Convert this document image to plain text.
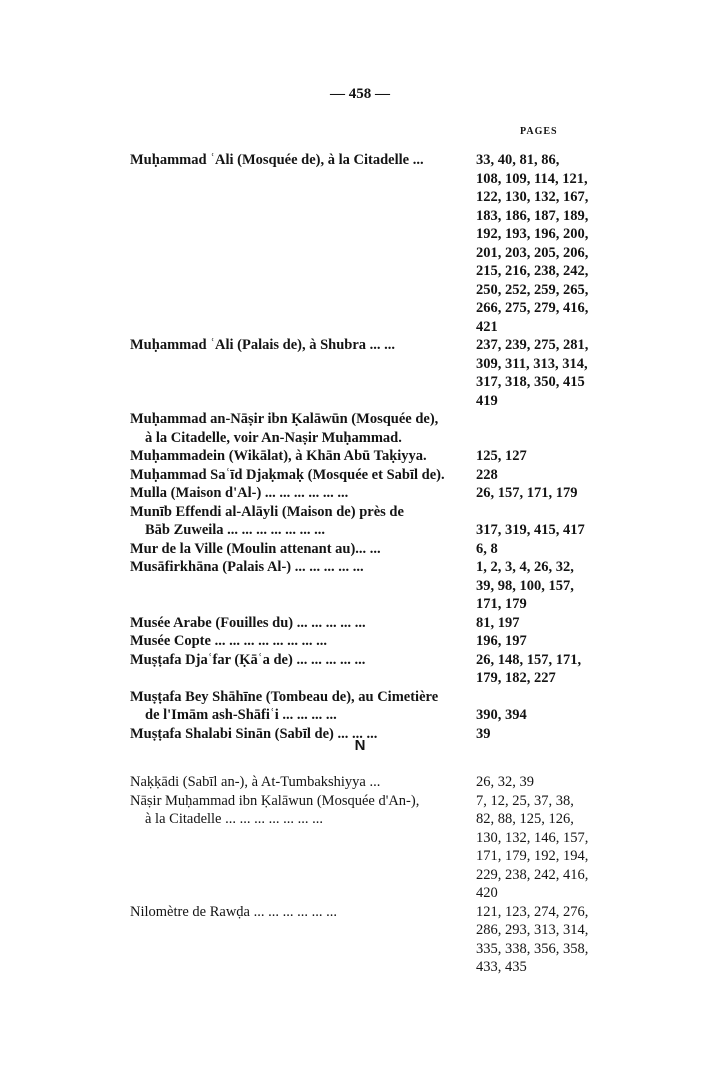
— 458 —
PAGES
Muḥammad ʿAli (Mosquée de), à la Citadelle ...	33, 40, 81, 86,
108, 109, 114, 121,
122, 130, 132, 167,
183, 186, 187, 189,
192, 193, 196, 200,
201, 203, 205, 206,
215, 216, 238, 242,
250, 252, 259, 265,
266, 275, 279, 416,
421
Muḥammad ʿAli (Palais de), à Shubra ... ...	237, 239, 275, 281,
309, 311, 313, 314,
317, 318, 350, 415
419
Muḥammad an-Nāṣir ibn Ḳalāwūn (Mosquée de),
à la Citadelle, voir An-Naṣir Muḥammad.
Muḥammadein (Wikālat), à Khān Abū Taḳiyya.	125, 127
Muḥammad Saʿīd Djaḳmaḳ (Mosquée et Sabīl de). 228
Mulla (Maison d'Al-) ... ... ... ... ... ...	26, 157, 171, 179
Munīb Effendi al-Alāyli (Maison de) près de
Bāb Zuweila ... ... ... ... ... ... ...	317, 319, 415, 417
Mur de la Ville (Moulin attenant au)... ...	6, 8
Musāfirkhāna (Palais Al-) ... ... ... ... ...	1, 2, 3, 4, 26, 32,
39, 98, 100, 157,
171, 179
Musée Arabe (Fouilles du) ... ... ... ... ...	81, 197
Musée Copte ... ... ... ... ... ... ... ...	196, 197
Muṣṭafa Djaʿfar (Ḳāʿa de) ... ... ... ... ...	26, 148, 157, 171,
179, 182, 227
Muṣṭafa Bey Shāhīne (Tombeau de), au Cimetière
de l'Imām ash-Shāfiʿi ... ... ... ...	390, 394
Muṣṭafa Shalabi Sinān (Sabīl de) ... ... ...	39
N
Naḳḳādi (Sabīl an-), à At-Tumbakshiyya ...	26, 32, 39
Nāṣir Muḥammad ibn Ḳalāwun (Mosquée d'An-),	7, 12, 25, 37, 38,
à la Citadelle ... ... ... ... ... ... ...	82, 88, 125, 126,
130, 132, 146, 157,
171, 179, 192, 194,
229, 238, 242, 416,
420
Nilomètre de Rawḍa ... ... ... ... ... ...	121, 123, 274, 276,
286, 293, 313, 314,
335, 338, 356, 358,
433, 435
